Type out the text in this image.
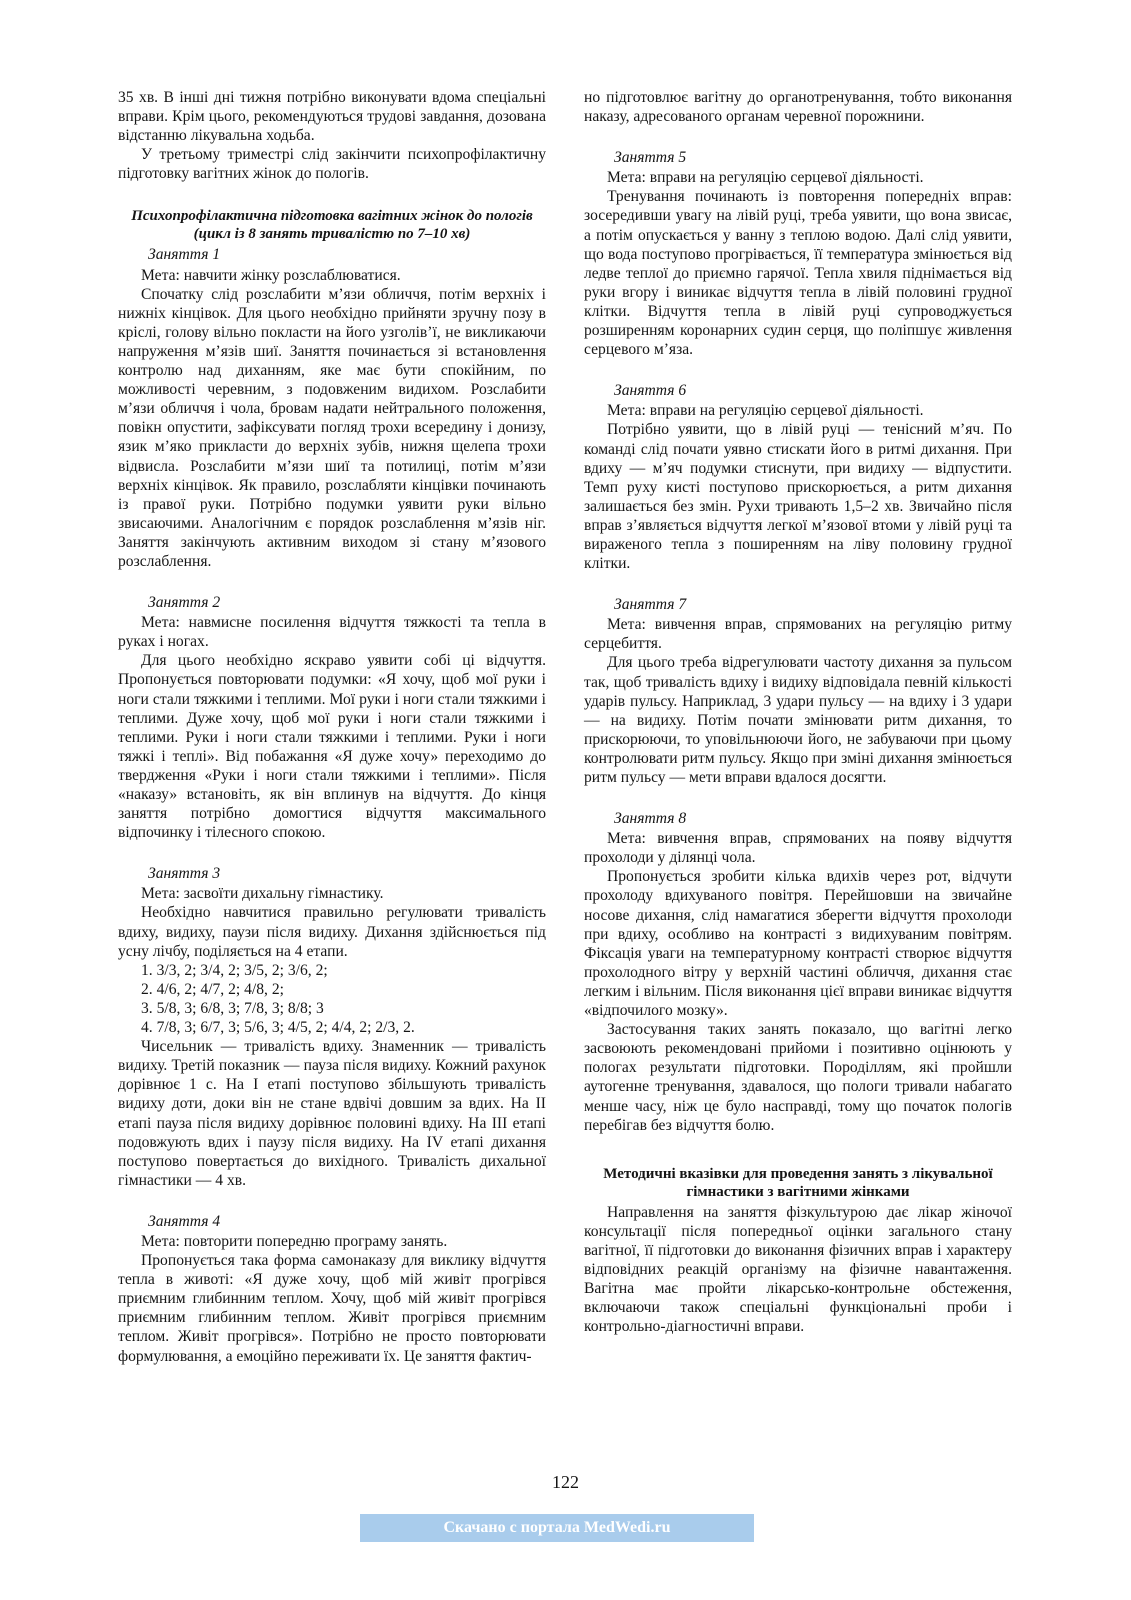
35 хв. В інші дні тижня потрібно виконувати вдома спеціальні вправи. Крім цього, рекомендуються трудові завдання, дозована відстанню лікувальна ходьба.

У третьому триместрі слід закінчити психопрофілактичну підготовку вагітних жінок до пологів.

Психопрофілактична підготовка вагітних жінок до пологів (цикл із 8 занять тривалістю по 7–10 хв)
Заняття 1

Мета: навчити жінку розслаблюватися.

Спочатку слід розслабити м’язи обличчя, потім верхніх і нижніх кінцівок. Для цього необхідно прийняти зручну позу в кріслі, голову вільно покласти на його узголів’ї, не викликаючи напруження м’язів шиї. Заняття починається зі встановлення контролю над диханням, яке має бути спокійним, по можливості черевним, з подовженим видихом. Розслабити м’язи обличчя і чола, бровам надати нейтрального положення, повікн опустити, зафіксувати погляд трохи всередину і донизу, язик м’яко прикласти до верхніх зубів, нижня щелепа трохи відвисла. Розслабити м’язи шиї та потилиці, потім м’язи верхніх кінцівок. Як правило, розслабляти кінцівки починають із правої руки. Потрібно подумки уявити руки вільно звисаючими. Аналогічним є порядок розслаблення м’язів ніг. Заняття закінчують активним виходом зі стану м’язового розслаблення.

Заняття 2

Мета: навмисне посилення відчуття тяжкості та тепла в руках і ногах.

Для цього необхідно яскраво уявити собі ці відчуття. Пропонується повторювати подумки: «Я хочу, щоб мої руки і ноги стали тяжкими і теплими. Мої руки і ноги стали тяжкими і теплими. Дуже хочу, щоб мої руки і ноги стали тяжкими і теплими. Руки і ноги стали тяжкими і теплими. Руки і ноги тяжкі і теплі». Від побажання «Я дуже хочу» переходимо до твердження «Руки і ноги стали тяжкими і теплими». Після «наказу» встановіть, як він вплинув на відчуття. До кінця заняття потрібно домогтися відчуття максимального відпочинку і тілесного спокою.

Заняття 3

Мета: засвоїти дихальну гімнастику.

Необхідно навчитися правильно регулювати тривалість вдиху, видиху, паузи після видиху. Дихання здійснюється під усну лічбу, поділяється на 4 етапи.

1. 3/3, 2; 3/4, 2; 3/5, 2; 3/6, 2;

2. 4/6, 2; 4/7, 2; 4/8, 2;

3. 5/8, 3; 6/8, 3; 7/8, 3; 8/8; 3

4. 7/8, 3; 6/7, 3; 5/6, 3; 4/5, 2; 4/4, 2; 2/3, 2.

Чисельник — тривалість вдиху. Знаменник — тривалість видиху. Третій показник — пауза після видиху. Кожний рахунок дорівнює 1 с. На І етапі поступово збільшують тривалість видиху доти, доки він не стане вдвічі довшим за вдих. На II етапі пауза після видиху дорівнює половині вдиху. На III етапі подовжують вдих і паузу після видиху. На IV етапі дихання поступово повертається до вихідного. Тривалість дихальної гімнастики — 4 хв.

Заняття 4

Мета: повторити попередню програму занять.

Пропонується така форма самонаказу для виклику відчуття тепла в животі: «Я дуже хочу, щоб мій живіт прогрівся приємним глибинним теплом. Хочу, щоб мій живіт прогрівся приємним глибинним теплом. Живіт прогрівся приємним теплом. Живіт прогрівся». Потрібно не просто повторювати формулювання, а емоційно переживати їх. Це заняття фактич-

но підготовлює вагітну до органотренування, тобто виконання наказу, адресованого органам черевної порожнини.

Заняття 5

Мета: вправи на регуляцію серцевої діяльності.

Тренування починають із повторення попередніх вправ: зосередивши увагу на лівій руці, треба уявити, що вона звисає, а потім опускається у ванну з теплою водою. Далі слід уявити, що вода поступово прогрівається, її температура змінюється від ледве теплої до приємно гарячої. Тепла хвиля піднімається від руки вгору і виникає відчуття тепла в лівій половині грудної клітки. Відчуття тепла в лівій руці супроводжується розширенням коронарних судин серця, що поліпшує живлення серцевого м’яза.

Заняття 6

Мета: вправи на регуляцію серцевої діяльності.

Потрібно уявити, що в лівій руці — тенісний м’яч. По команді слід почати уявно стискати його в ритмі дихання. При вдиху — м’яч подумки стиснути, при видиху — відпустити. Темп руху кисті поступово прискорюється, а ритм дихання залишається без змін. Рухи тривають 1,5–2 хв. Звичайно після вправ з’являється відчуття легкої м’язової втоми у лівій руці та вираженого тепла з поширенням на ліву половину грудної клітки.

Заняття 7

Мета: вивчення вправ, спрямованих на регуляцію ритму серцебиття.

Для цього треба відрегулювати частоту дихання за пульсом так, щоб тривалість вдиху і видиху відповідала певній кількості ударів пульсу. Наприклад, 3 удари пульсу — на вдиху і 3 удари — на видиху. Потім почати змінювати ритм дихання, то прискорюючи, то уповільнюючи його, не забуваючи при цьому контролювати ритм пульсу. Якщо при зміні дихання змінюється ритм пульсу — мети вправи вдалося досягти.

Заняття 8

Мета: вивчення вправ, спрямованих на появу відчуття прохолоди у ділянці чола.

Пропонується зробити кілька вдихів через рот, відчути прохолоду вдихуваного повітря. Перейшовши на звичайне носове дихання, слід намагатися зберегти відчуття прохолоди при вдиху, особливо на контрасті з видихуваним повітрям. Фіксація уваги на температурному контрасті створює відчуття прохолодного вітру у верхній частині обличчя, дихання стає легким і вільним. Після виконання цієї вправи виникає відчуття «відпочилого мозку».

Застосування таких занять показало, що вагітні легко засвоюють рекомендовані прийоми і позитивно оцінюють у пологах результати підготовки. Породіллям, які пройшли аутогенне тренування, здавалося, що пологи тривали набагато менше часу, ніж це було насправді, тому що початок пологів перебігав без відчуття болю.

Методичні вказівки для проведення занять з лікувальної гімнастики з вагітними жінками

Направлення на заняття фізкультурою дає лікар жіночої консультації після попередньої оцінки загального стану вагітної, її підготовки до виконання фізичних вправ і характеру відповідних реакцій організму на фізичне навантаження. Вагітна має пройти лікарсько-контрольне обстеження, включаючи також спеціальні функціональні проби і контрольно-діагностичні вправи.

122
Скачано с портала MedWedi.ru
